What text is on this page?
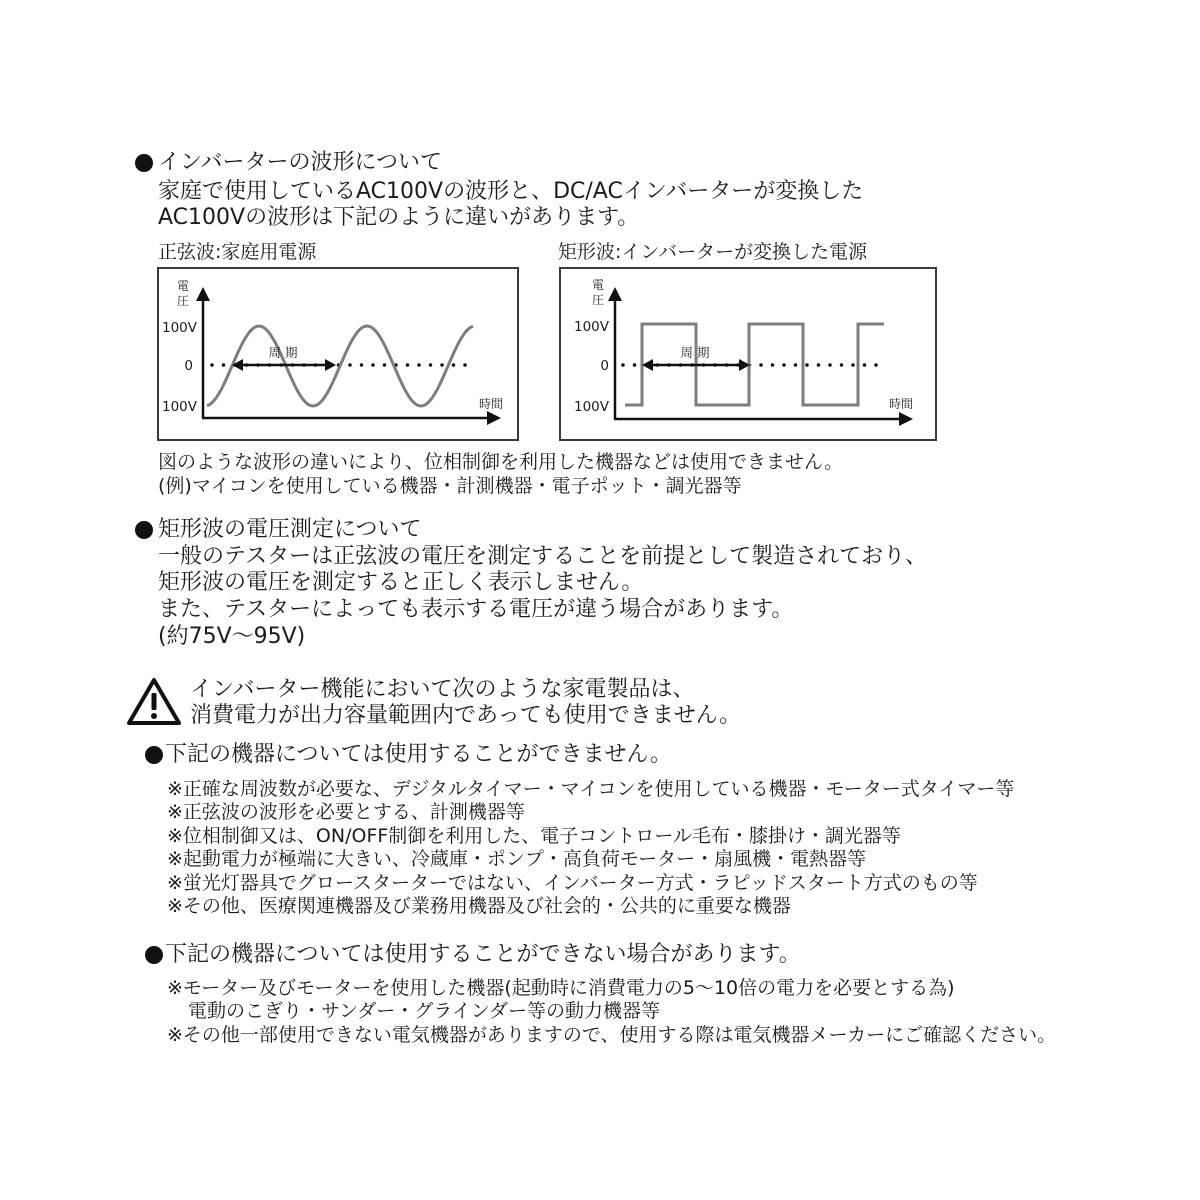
インバーターの波形について
家庭で使用しているAC100Vの波形と、DC/ACインバーターが変換した
AC100Vの波形は下記のように違いがあります。
正弦波:家庭用電源	矩形波:インバーターが変換した電源
電
圧
100V
0
100V
周 期
時間
電
圧
100V
0
100V
周 期
時間
図のような波形の違いにより、位相制御を利用した機器などは使用できません。
(例)マイコンを使用している機器・計測機器・電子ポット・調光器等
矩形波の電圧測定について
一般のテスターは正弦波の電圧を測定することを前提として製造されており、
矩形波の電圧を測定すると正しく表示しません。
また、テスターによっても表示する電圧が違う場合があります。
(約75V〜95V)
インバーター機能において次のような家電製品は、
消費電力が出力容量範囲内であっても使用できません。
下記の機器については使用することができません。
※正確な周波数が必要な、デジタルタイマー・マイコンを使用している機器・モーター式タイマー等
※正弦波の波形を必要とする、計測機器等
※位相制御又は、ON/OFF制御を利用した、電子コントロール毛布・膝掛け・調光器等
※起動電力が極端に大きい、冷蔵庫・ポンプ・高負荷モーター・扇風機・電熱器等
※蛍光灯器具でグロースターターではない、インバーター方式・ラピッドスタート方式のもの等
※その他、医療関連機器及び業務用機器及び社会的・公共的に重要な機器
下記の機器については使用することができない場合があります。
※モーター及びモーターを使用した機器(起動時に消費電力の5〜10倍の電力を必要とする為)
電動のこぎり・サンダー・グラインダー等の動力機器等
※その他一部使用できない電気機器がありますので、使用する際は電気機器メーカーにご確認ください。
